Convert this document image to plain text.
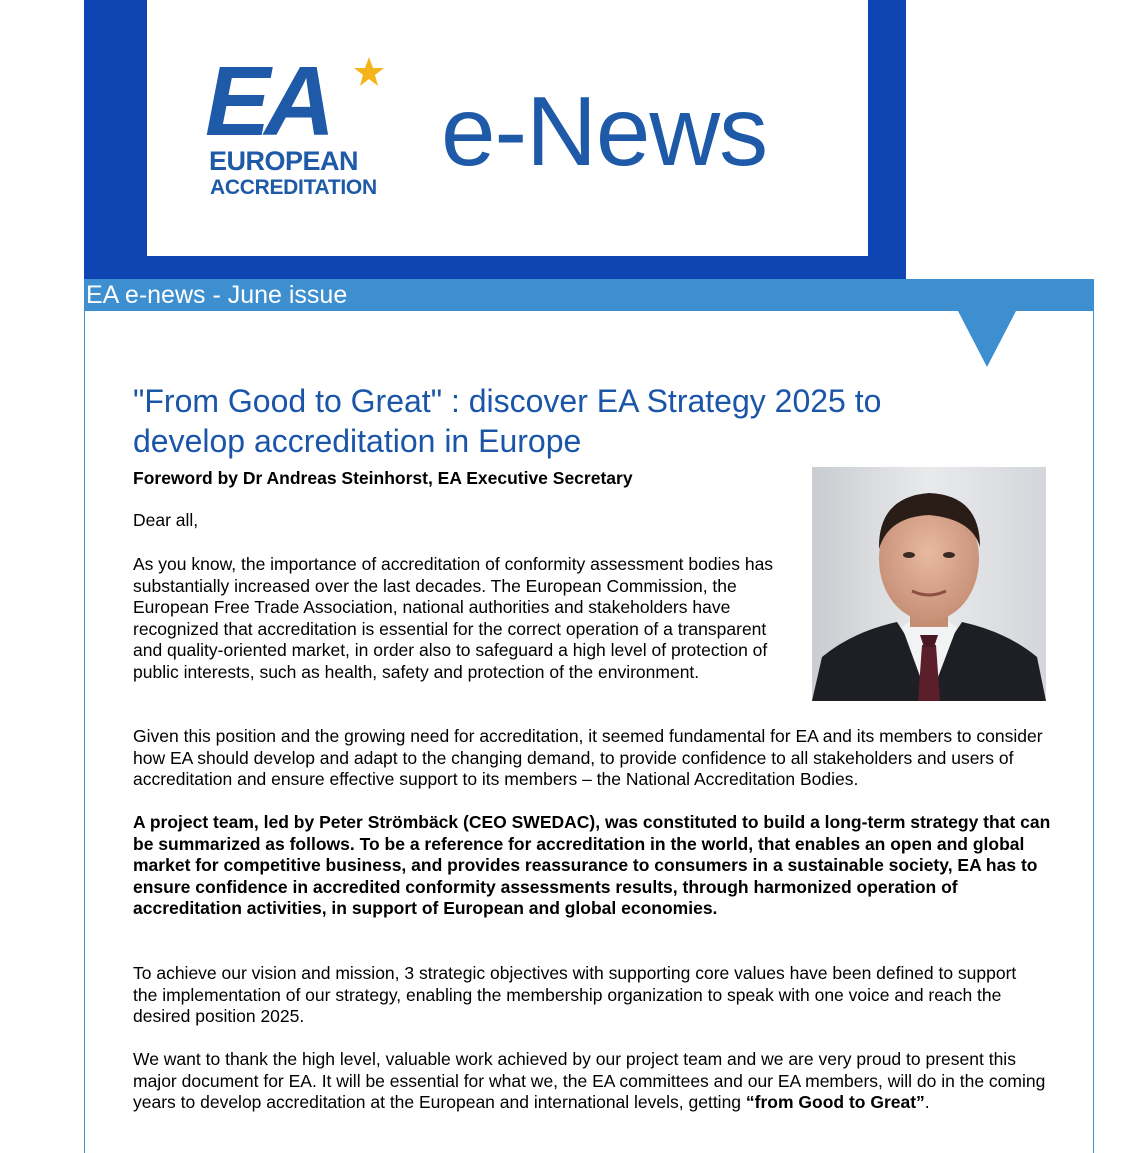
EA
EUROPEAN
ACCREDITATION
e-News
EA e-news - June issue
"From Good to Great" : discover EA Strategy 2025 to develop accreditation in Europe
Foreword by Dr Andreas Steinhorst, EA Executive Secretary

Dear all,

As you know, the importance of accreditation of conformity assessment bodies has substantially increased over the last decades. The European Commission, the European Free Trade Association, national authorities and stakeholders have recognized that accreditation is essential for the correct operation of a transparent and quality-oriented market, in order also to safeguard a high level of protection of public interests, such as health, safety and protection of the environment.

Given this position and the growing need for accreditation, it seemed fundamental for EA and its members to consider how EA should develop and adapt to the changing demand, to provide confidence to all stakeholders and users of accreditation and ensure effective support to its members – the National Accreditation Bodies.

A project team, led by Peter Strömbäck (CEO SWEDAC), was constituted to build a long-term strategy that can be summarized as follows. To be a reference for accreditation in the world, that enables an open and global market for competitive business, and provides reassurance to consumers in a sustainable society, EA has to ensure confidence in accredited conformity assessments results, through harmonized operation of accreditation activities, in support of European and global economies.

To achieve our vision and mission, 3 strategic objectives with supporting core values have been defined to support the implementation of our strategy, enabling the membership organization to speak with one voice and reach the desired position 2025.

We want to thank the high level, valuable work achieved by our project team and we are very proud to present this major document for EA. It will be essential for what we, the EA committees and our EA members, will do in the coming years to develop accreditation at the European and international levels, getting “from Good to Great”.
